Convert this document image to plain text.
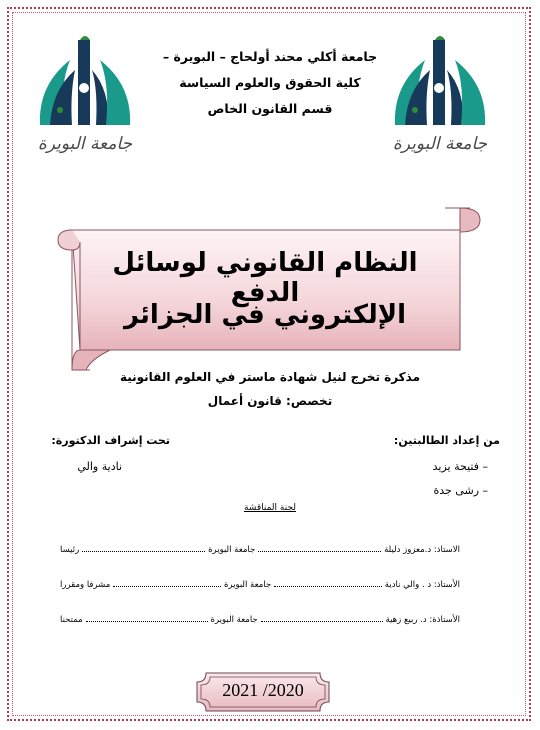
جامعة البويرة	جامعة البويرة
جامعة أكلي محند أولحاج – البويرة –
كلية الحقوق والعلوم السياسة
قسم القانون الخاص
النظام القانوني لوسائل الدفع
الإلكتروني في الجزائر
مذكرة تخرج لنيل شهادة ماستر في العلوم القانونية
تخصص: قانون أعمال
من إعداد الطالبتين:
– فتيحة يزيد
– رشى جدة
تحت إشراف الدكتورة:
نادية والي
لجنة المناقشة
الاستاذ: د.معزوز دليلة
جامعة البويرة
رئيسا
الأستاذ: د . والي نادية
جامعة البويرة
مشرفا ومقررا
الأستاذة: د. ربيع زهية
جامعة البويرة
ممتحنا
2021 /2020
